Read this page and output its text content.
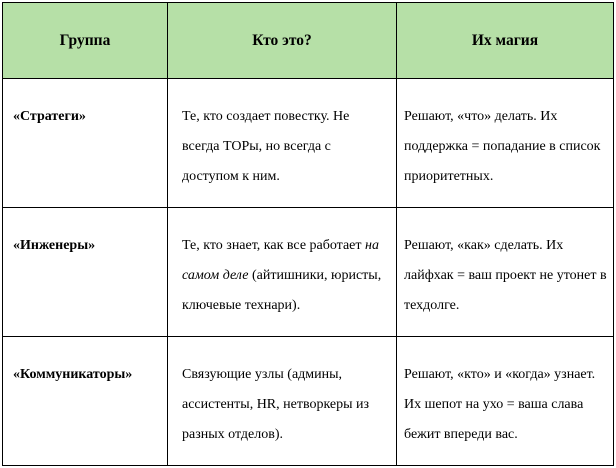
Группа	Кто это?	Их магия

«Стратеги»	Те, кто создает повестку. Не всегда ТОРы, но всегда с доступом к ним.	Решают, «что» делать. Их поддержка = попадание в список приоритетных.

«Инженеры»	Те, кто знает, как все работает на самом деле (айтишники, юристы, ключевые технари).	Решают, «как» сделать. Их лайфхак = ваш проект не утонет в техдолге.

«Коммуникаторы»	Связующие узлы (админы, ассистенты, HR, нетворкеры из разных отделов).	Решают, «кто» и «когда» узнает. Их шепот на ухо = ваша слава бежит впереди вас.
